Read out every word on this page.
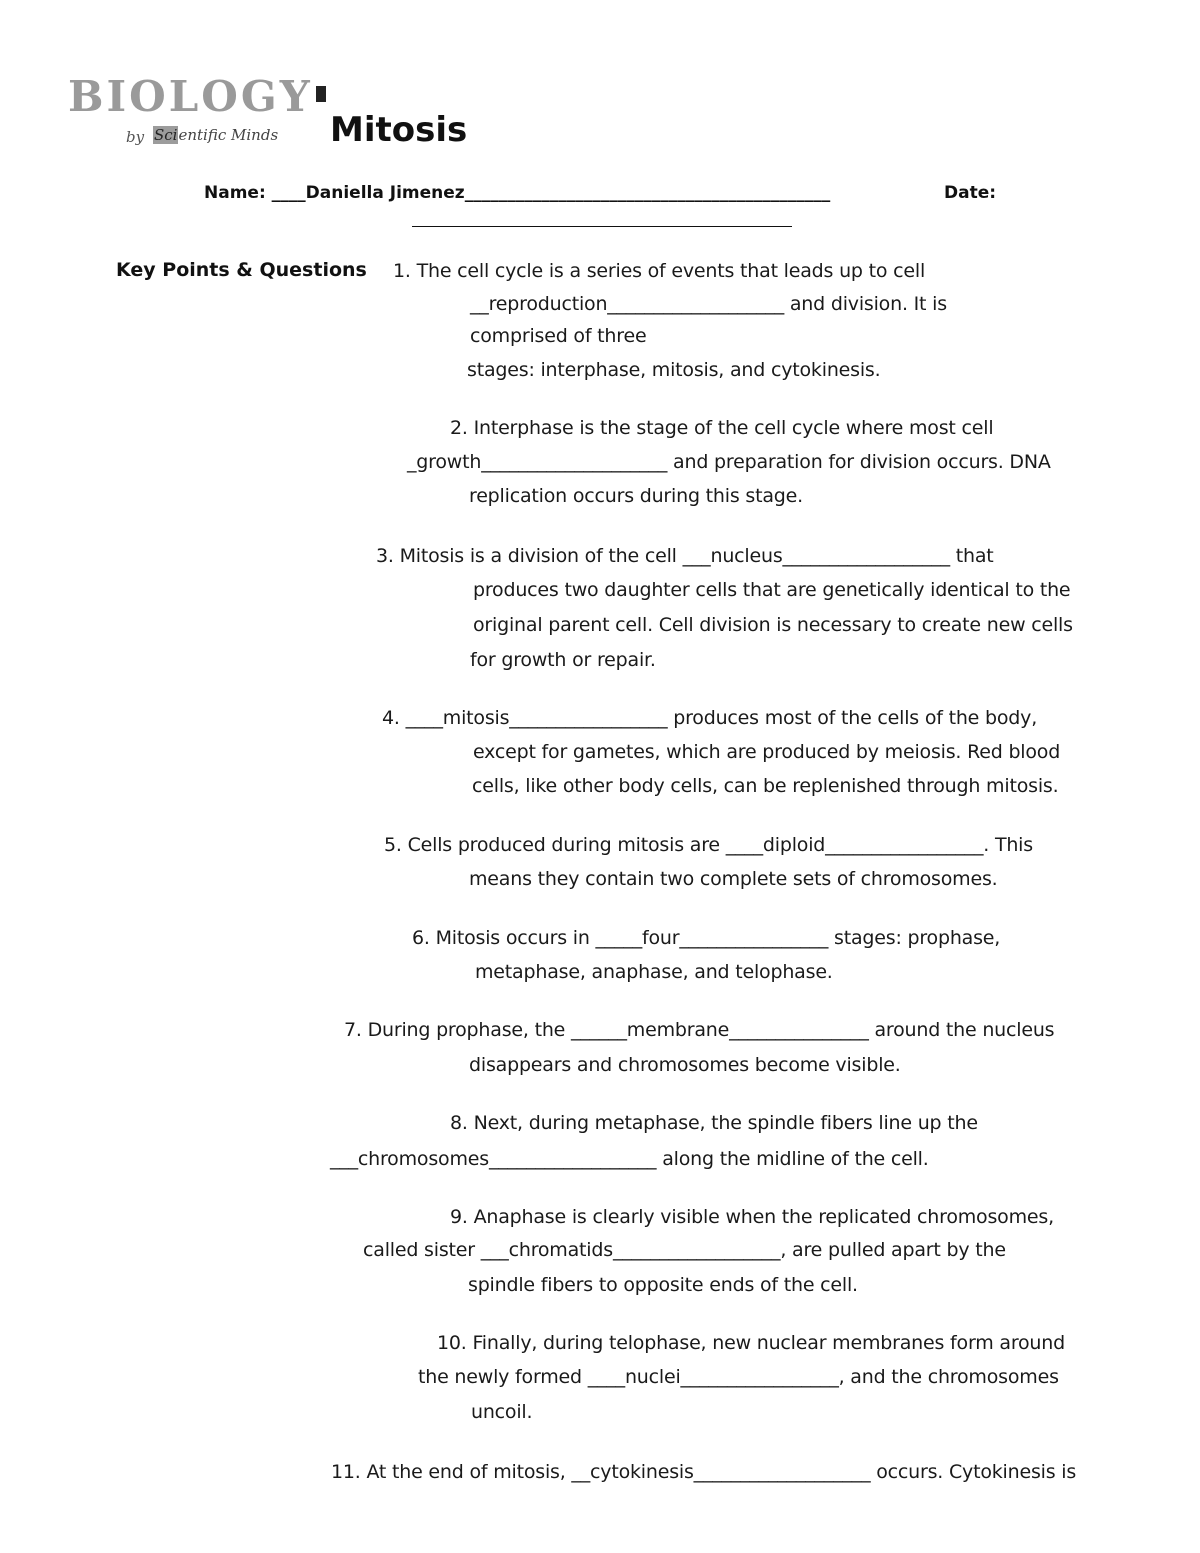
BIOLOGY
by Scientific Minds Mitosis
Name: ____Daniella Jimenez___________________________________________	Date:
Key Points & Questions 1. The cell cycle is a series of events that leads up to cell
__reproduction___________________ and division. It is
comprised of three
stages: interphase, mitosis, and cytokinesis.
2. Interphase is the stage of the cell cycle where most cell
_growth____________________ and preparation for division occurs. DNA
replication occurs during this stage.
3. Mitosis is a division of the cell ___nucleus__________________ that
produces two daughter cells that are genetically identical to the
original parent cell. Cell division is necessary to create new cells
for growth or repair.
4. ____mitosis_________________ produces most of the cells of the body,
except for gametes, which are produced by meiosis. Red blood
cells, like other body cells, can be replenished through mitosis.
5. Cells produced during mitosis are ____diploid_________________. This
means they contain two complete sets of chromosomes.
6. Mitosis occurs in _____four________________ stages: prophase,
metaphase, anaphase, and telophase.
7. During prophase, the ______membrane_______________ around the nucleus
disappears and chromosomes become visible.
8. Next, during metaphase, the spindle fibers line up the
___chromosomes__________________ along the midline of the cell.
9. Anaphase is clearly visible when the replicated chromosomes,
called sister ___chromatids__________________, are pulled apart by the
spindle fibers to opposite ends of the cell.
10. Finally, during telophase, new nuclear membranes form around
the newly formed ____nuclei_________________, and the chromosomes
uncoil.
11. At the end of mitosis, __cytokinesis___________________ occurs. Cytokinesis is
